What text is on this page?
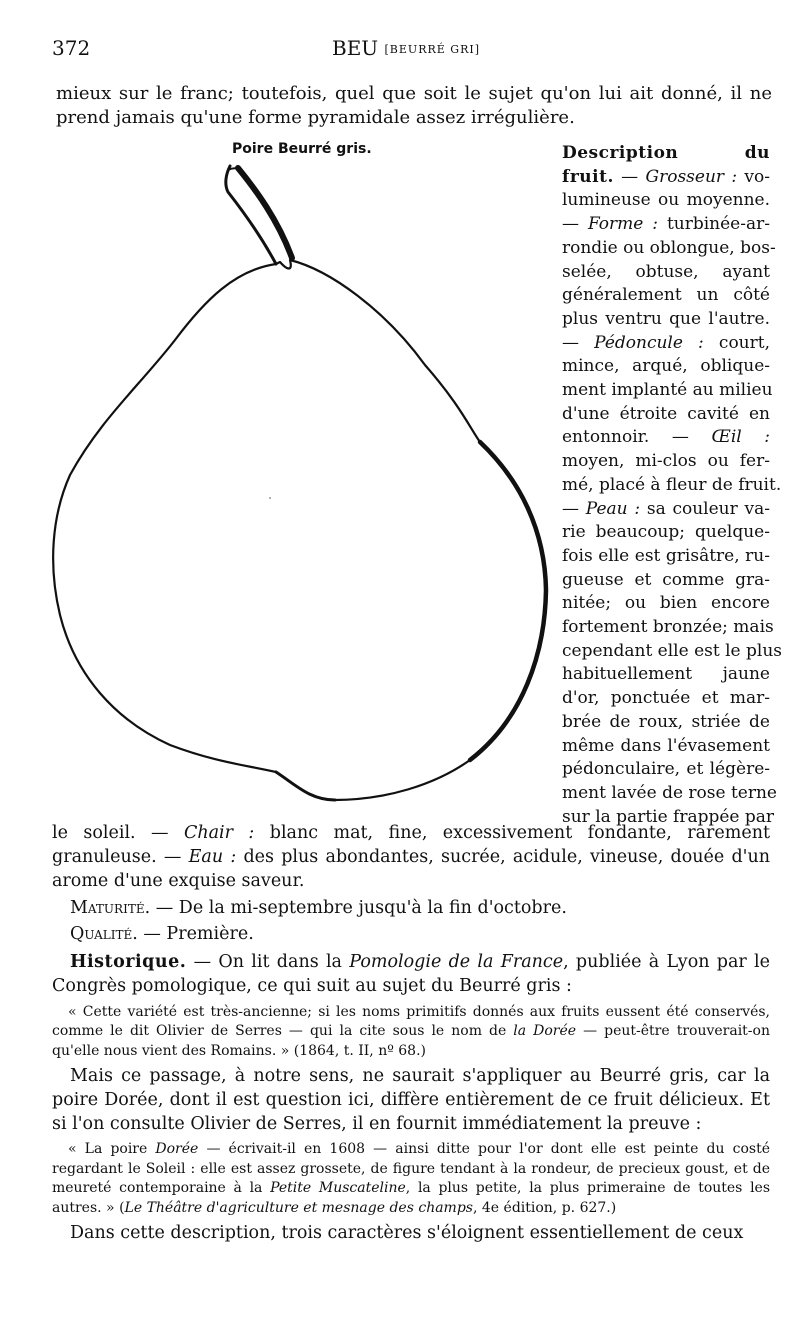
372	BEU [BEURRÉ GRI]
mieux sur le franc; toutefois, quel que soit le sujet qu'on lui ait donné, il ne prend jamais qu'une forme pyramidale assez irrégulière.
Poire Beurré gris.	Description du
fruit. — Grosseur : vo-
lumineuse ou moyenne.
— Forme : turbinée-ar-
rondie ou oblongue, bos-
selée, obtuse, ayant
généralement un côté
plus ventru que l'autre.
— Pédoncule : court,
mince, arqué, oblique-
ment implanté au milieu
d'une étroite cavité en
entonnoir. — Œil :
moyen, mi-clos ou fer-
mé, placé à fleur de fruit.
— Peau : sa couleur va-
rie beaucoup; quelque-
fois elle est grisâtre, ru-
gueuse et comme gra-
nitée; ou bien encore
fortement bronzée; mais
cependant elle est le plus
habituellement jaune
d'or, ponctuée et mar-
brée de roux, striée de
même dans l'évasement
pédonculaire, et légère-
ment lavée de rose terne
sur la partie frappée par

le soleil. — Chair : blanc mat, fine, excessivement fondante, rarement granuleuse. — Eau : des plus abondantes, sucrée, acidule, vineuse, douée d'un arome d'une exquise saveur.

Maturité. — De la mi-septembre jusqu'à la fin d'octobre.

Qualité. — Première.

Historique. — On lit dans la Pomologie de la France, publiée à Lyon par le Congrès pomologique, ce qui suit au sujet du Beurré gris :

« Cette variété est très-ancienne; si les noms primitifs donnés aux fruits eussent été conservés, comme le dit Olivier de Serres — qui la cite sous le nom de la Dorée — peut-être trouverait-on qu'elle nous vient des Romains. » (1864, t. II, nº 68.)

Mais ce passage, à notre sens, ne saurait s'appliquer au Beurré gris, car la poire Dorée, dont il est question ici, diffère entièrement de ce fruit délicieux. Et si l'on consulte Olivier de Serres, il en fournit immédiatement la preuve :

« La poire Dorée — écrivait-il en 1608 — ainsi ditte pour l'or dont elle est peinte du costé regardant le Soleil : elle est assez grossete, de figure tendant à la rondeur, de precieux goust, et de meureté contemporaine à la Petite Muscateline, la plus petite, la plus primeraine de toutes les autres. » (Le Théâtre d'agriculture et mesnage des champs, 4e édition, p. 627.)

Dans cette description, trois caractères s'éloignent essentiellement de ceux
